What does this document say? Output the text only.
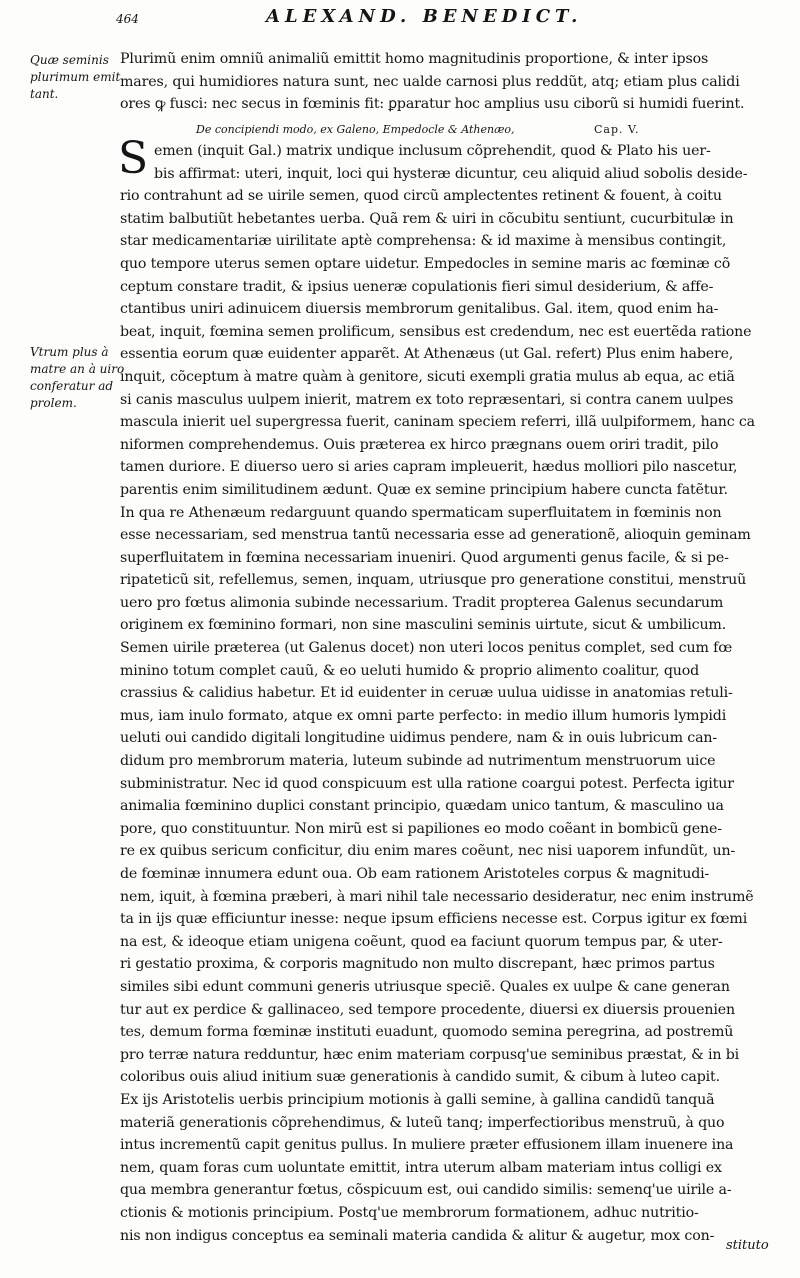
464	ALEXAND. BENEDICT.
Quæ seminis
plurimum emit
tant.
Vtrum plus à
matre an à uiro
conferatur ad
prolem.
Plurimũ enim omniũ animaliũ emittit homo magnitudinis proportione, & inter ipsos
mares, qui humidiores natura sunt, nec ualde carnosi plus reddũt, atq; etiam plus calidi
ores ꝙ fusci: nec secus in fœminis fit: ꝑparatur hoc amplius usu ciborũ si humidi fuerint.
De concipiendi modo, ex Galeno, Empedocle & Athenæo,	Cap. V.
S emen (inquit Gal.) matrix undique inclusum cõprehendit, quod & Plato his uer-
bis affirmat: uteri, inquit, loci qui hysteræ dicuntur, ceu aliquid aliud sobolis deside-
rio contrahunt ad se uirile semen, quod circũ amplectentes retinent & fouent, à coitu
statim balbutiũt hebetantes uerba. Quã rem & uiri in cõcubitu sentiunt, cucurbitulæ in
star medicamentariæ uirilitate aptè comprehensa: & id maxime à mensibus contingit,
quo tempore uterus semen optare uidetur. Empedocles in semine maris ac fœminæ cõ
ceptum constare tradit, & ipsius ueneræ copulationis fieri simul desiderium, & affe-
ctantibus uniri adinuicem diuersis membrorum genitalibus. Gal. item, quod enim ha-
beat, inquit, fœmina semen prolificum, sensibus est credendum, nec est euertẽda ratione
essentia eorum quæ euidenter apparẽt. At Athenæus (ut Gal. refert) Plus enim habere,
inquit, cõceptum à matre quàm à genitore, sicuti exempli gratia mulus ab equa, ac etiã
si canis masculus uulpem inierit, matrem ex toto repræsentari, si contra canem uulpes
mascula inierit uel supergressa fuerit, caninam speciem referri, illã uulpiformem, hanc ca
niformen comprehendemus. Ouis præterea ex hirco prægnans ouem oriri tradit, pilo
tamen duriore. E diuerso uero si aries capram impleuerit, hædus molliori pilo nascetur,
parentis enim similitudinem ædunt. Quæ ex semine principium habere cuncta fatẽtur.
In qua re Athenæum redarguunt quando spermaticam superfluitatem in fœminis non
esse necessariam, sed menstrua tantũ necessaria esse ad generationẽ, alioquin geminam
superfluitatem in fœmina necessariam inueniri. Quod argumenti genus facile, & si pe-
ripateticũ sit, refellemus, semen, inquam, utriusque pro generatione constitui, menstruũ
uero pro fœtus alimonia subinde necessarium. Tradit propterea Galenus secundarum
originem ex fœminino formari, non sine masculini seminis uirtute, sicut & umbilicum.
Semen uirile præterea (ut Galenus docet) non uteri locos penitus complet, sed cum fœ
minino totum complet cauũ, & eo ueluti humido & proprio alimento coalitur, quod
crassius & calidius habetur. Et id euidenter in ceruæ uulua uidisse in anatomias retuli-
mus, iam inulo formato, atque ex omni parte perfecto: in medio illum humoris lympidi
ueluti oui candido digitali longitudine uidimus pendere, nam & in ouis lubricum can-
didum pro membrorum materia, luteum subinde ad nutrimentum menstruorum uice
subministratur. Nec id quod conspicuum est ulla ratione coargui potest. Perfecta igitur
animalia fœminino duplici constant principio, quædam unico tantum, & masculino ua
pore, quo constituuntur. Non mirũ est si papiliones eo modo coẽant in bombicũ gene-
re ex quibus sericum conficitur, diu enim mares coẽunt, nec nisi uaporem infundũt, un-
de fœminæ innumera edunt oua. Ob eam rationem Aristoteles corpus & magnitudi-
nem, iquit, à fœmina præberi, à mari nihil tale necessario desideratur, nec enim instrumẽ
ta in ijs quæ efficiuntur inesse: neque ipsum efficiens necesse est. Corpus igitur ex fœmi
na est, & ideoque etiam unigena coẽunt, quod ea faciunt quorum tempus par, & uter-
ri gestatio proxima, & corporis magnitudo non multo discrepant, hæc primos partus
similes sibi edunt communi generis utriusque speciẽ. Quales ex uulpe & cane generan
tur aut ex perdice & gallinaceo, sed tempore procedente, diuersi ex diuersis prouenien
tes, demum forma fœminæ instituti euadunt, quomodo semina peregrina, ad postremũ
pro terræ natura redduntur, hæc enim materiam corpusq'ue seminibus præstat, & in bi
coloribus ouis aliud initium suæ generationis à candido sumit, & cibum à luteo capit.
Ex ijs Aristotelis uerbis principium motionis à galli semine, à gallina candidũ tanquã
materiã generationis cõprehendimus, & luteũ tanq; imperfectioribus menstruũ, à quo
intus incrementũ capit genitus pullus. In muliere præter effusionem illam inuenere ina
nem, quam foras cum uoluntate emittit, intra uterum albam materiam intus colligi ex
qua membra generantur fœtus, cõspicuum est, oui candido similis: semenq'ue uirile a-
ctionis & motionis principium. Postq'ue membrorum formationem, adhuc nutritio-
nis non indigus conceptus ea seminali materia candida & alitur & augetur, mox con-
stituto
